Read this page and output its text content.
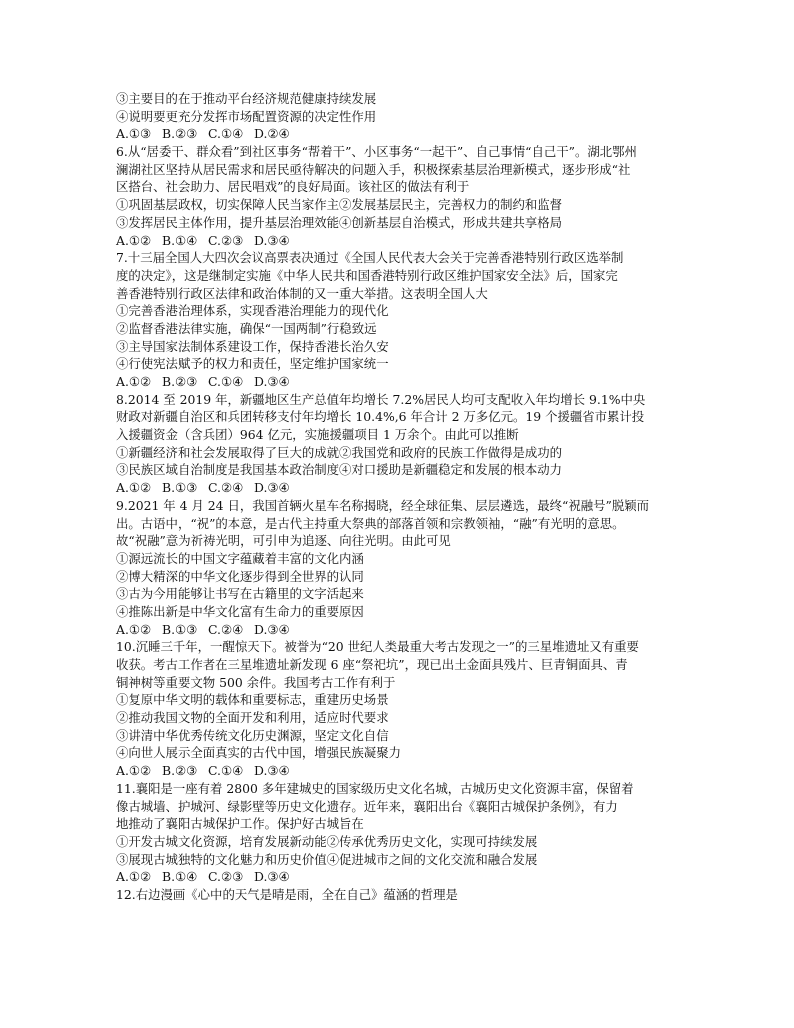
③主要目的在于推动平台经济规范健康持续发展
④说明要更充分发挥市场配置资源的决定性作用
A.①③ B.②③ C.①④ D.②④
6.从“居委干、群众看”到社区事务“帮着干”、小区事务“一起干”、自己事情“自己干”。湖北鄂州
澜湖社区坚持从居民需求和居民亟待解决的问题入手，积极探索基层治理新模式，逐步形成“社
区搭台、社会助力、居民唱戏”的良好局面。该社区的做法有利于
①巩固基层政权，切实保障人民当家作主②发展基层民主，完善权力的制约和监督
③发挥居民主体作用，提升基层治理效能④创新基层自治模式，形成共建共享格局
A.①② B.①④ C.②③ D.③④
7.十三届全国人大四次会议高票表决通过《全国人民代表大会关于完善香港特别行政区选举制
度的决定》，这是继制定实施《中华人民共和国香港特别行政区维护国家安全法》后，国家完
善香港特别行政区法律和政治体制的又一重大举措。这表明全国人大
①完善香港治理体系，实现香港治理能力的现代化
②监督香港法律实施，确保“一国两制”行稳致远
③主导国家法制体系建设工作，保持香港长治久安
④行使宪法赋予的权力和责任，坚定维护国家统一
A.①② B.②③ C.①④ D.③④
8.2014 至 2019 年，新疆地区生产总值年均增长 7.2%居民人均可支配收入年均增长 9.1%中央
财政对新疆自治区和兵团转移支付年均增长 10.4%,6 年合计 2 万多亿元。19 个援疆省市累计投
入援疆资金（含兵团）964 亿元，实施援疆项目 1 万余个。由此可以推断
①新疆经济和社会发展取得了巨大的成就②我国党和政府的民族工作做得是成功的
③民族区域自治制度是我国基本政治制度④对口援助是新疆稳定和发展的根本动力
A.①② B.①③ C.②④ D.③④
9.2021 年 4 月 24 日，我国首辆火星车名称揭晓，经全球征集、层层遴选，最终“祝融号”脱颖而
出。古语中，“祝”的本意，是古代主持重大祭典的部落首领和宗教领袖，“融”有光明的意思。
故“祝融”意为祈祷光明，可引申为追逐、向往光明。由此可见
①源远流长的中国文字蕴藏着丰富的文化内涵
②博大精深的中华文化逐步得到全世界的认同
③古为今用能够让书写在古籍里的文字活起来
④推陈出新是中华文化富有生命力的重要原因
A.①② B.①③ C.②④ D.③④
10.沉睡三千年，一醒惊天下。被誉为“20 世纪人类最重大考古发现之一”的三星堆遗址又有重要
收获。考古工作者在三星堆遗址新发现 6 座“祭祀坑”，现已出土金面具残片、巨青铜面具、青
铜神树等重要文物 500 余件。我国考古工作有利于
①复原中华文明的载体和重要标志，重建历史场景
②推动我国文物的全面开发和利用，适应时代要求
③讲清中华优秀传统文化历史渊源，坚定文化自信
④向世人展示全面真实的古代中国，增强民族凝聚力
A.①② B.②③ C.①④ D.③④
11.襄阳是一座有着 2800 多年建城史的国家级历史文化名城，古城历史文化资源丰富，保留着
像古城墙、护城河、绿影壁等历史文化遗存。近年来，襄阳出台《襄阳古城保护条例》，有力
地推动了襄阳古城保护工作。保护好古城旨在
①开发古城文化资源，培育发展新动能②传承优秀历史文化，实现可持续发展
③展现古城独特的文化魅力和历史价值④促进城市之间的文化交流和融合发展
A.①② B.①④ C.②③ D.③④
12.右边漫画《心中的天气是晴是雨，全在自己》蕴涵的哲理是
